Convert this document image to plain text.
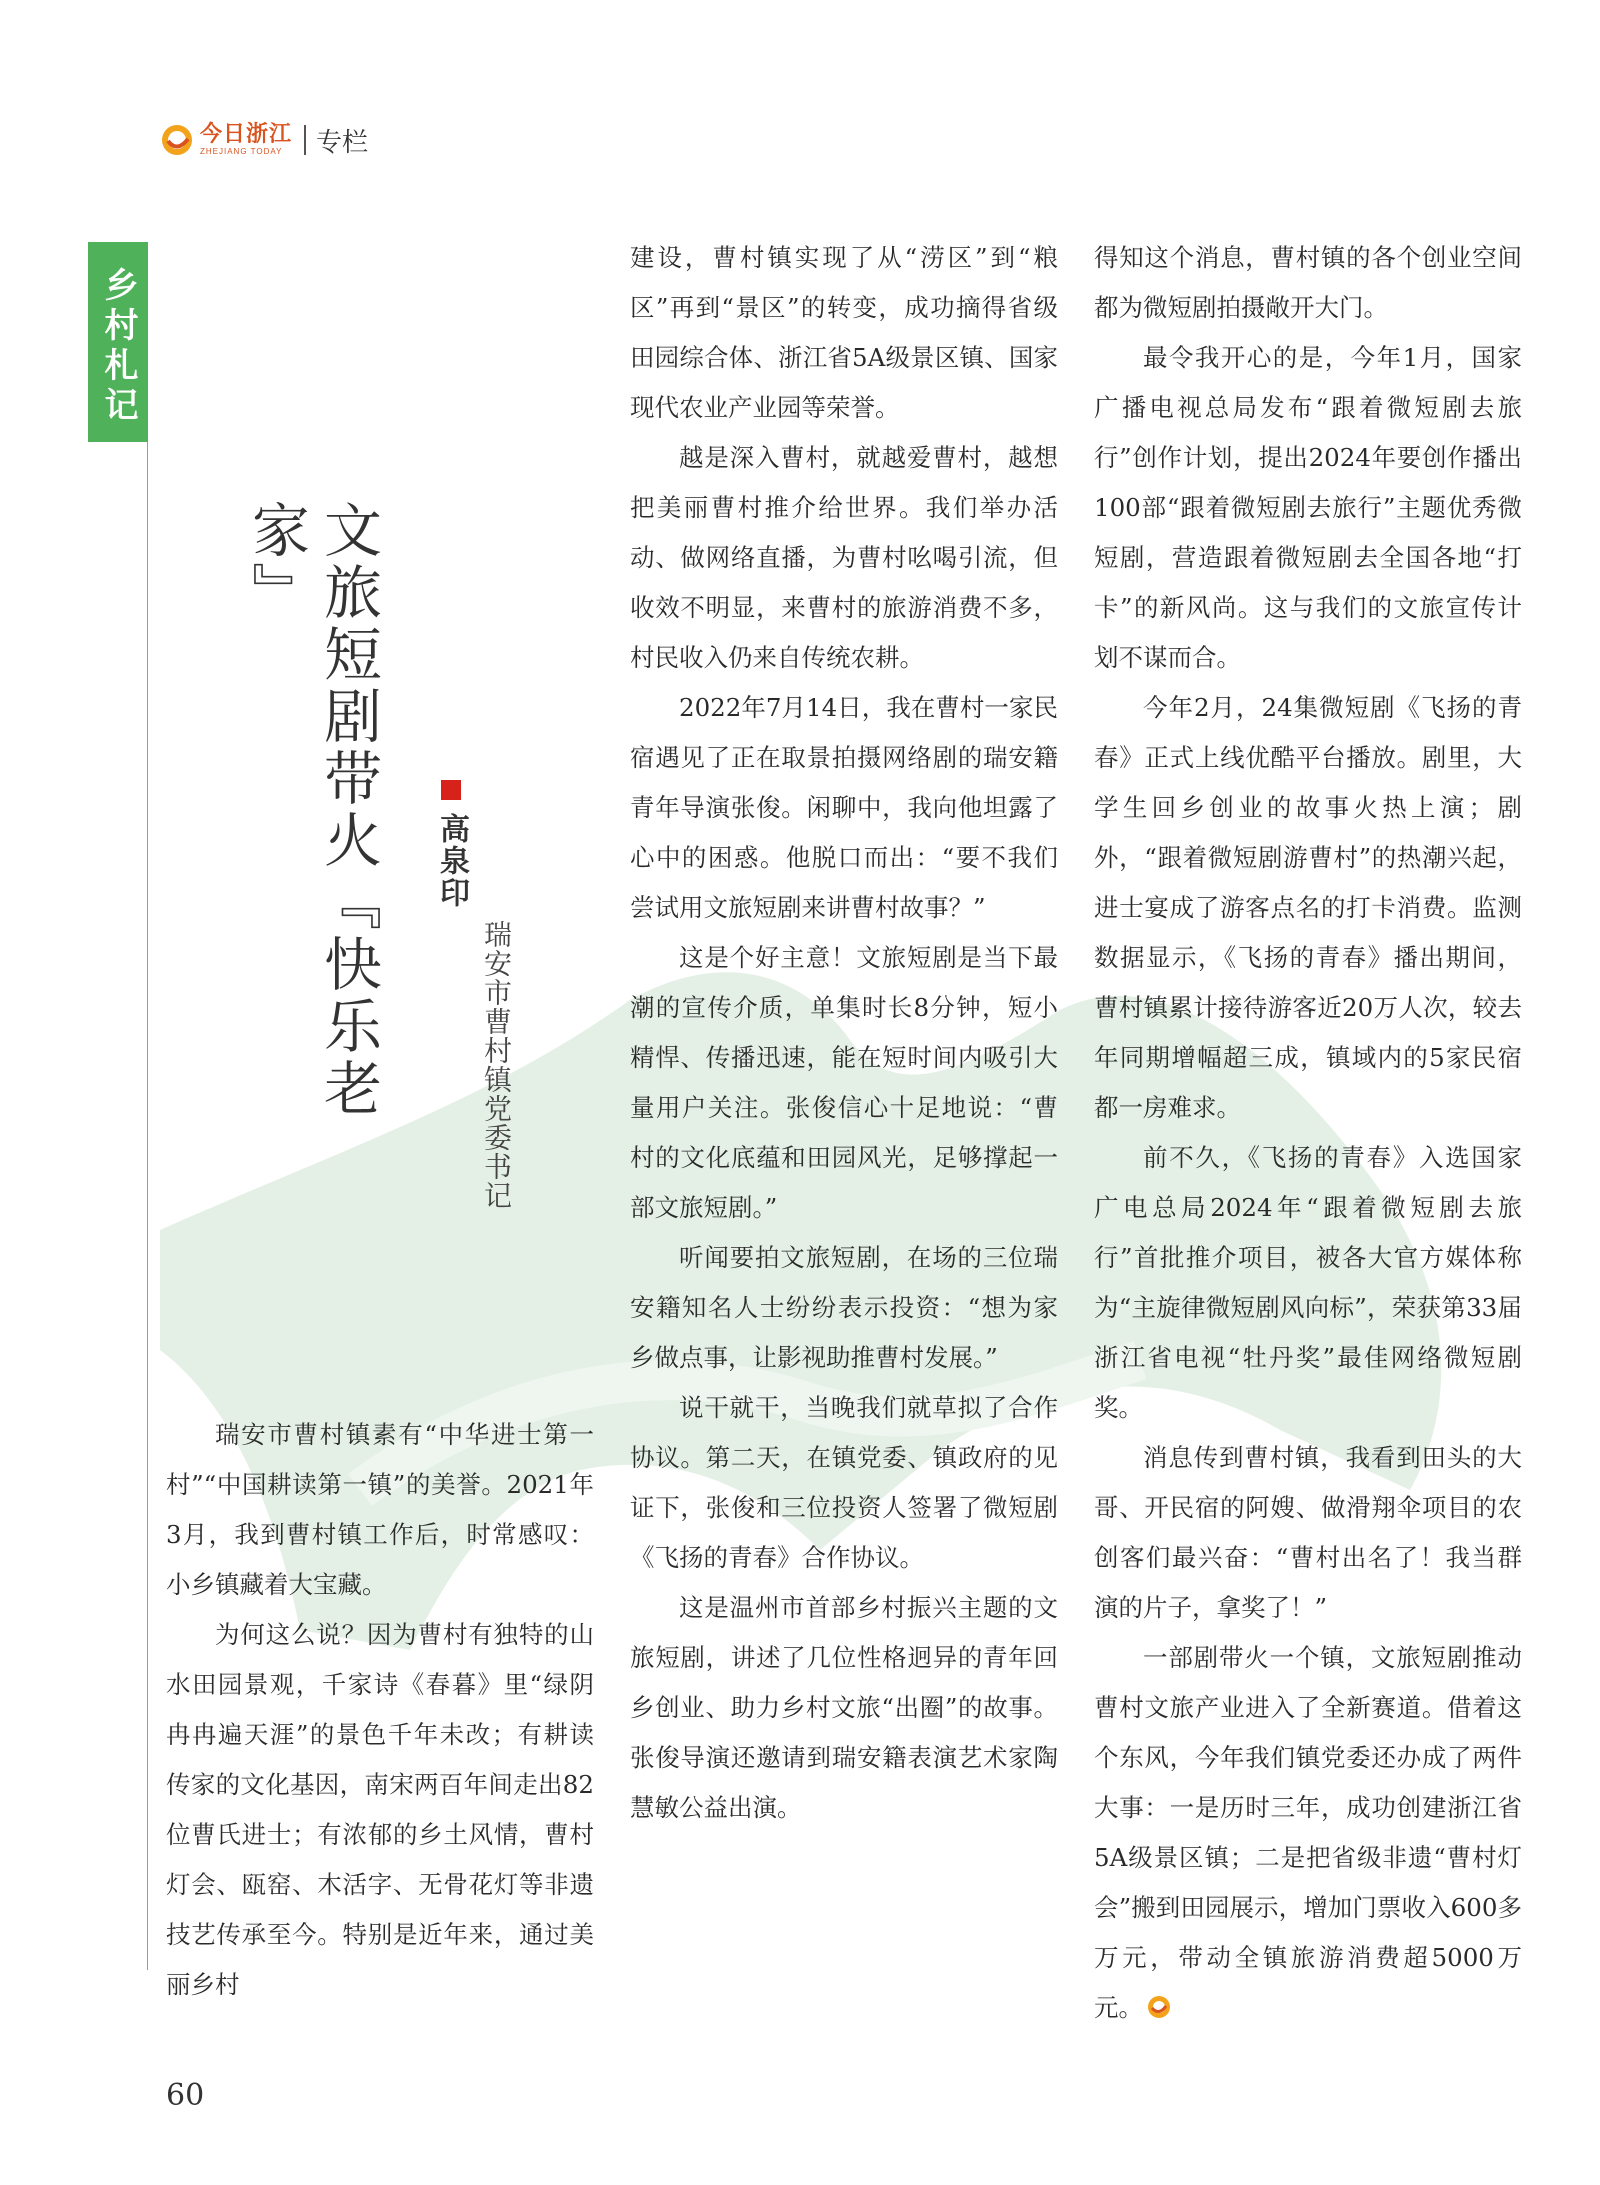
今日浙江
ZHEJIANG TODAY	专栏
乡村札记
文旅短剧带火『快乐老家』
高泉印
瑞安市曹村镇党委书记

瑞安市曹村镇素有“中华进士第一村”“中国耕读第一镇”的美誉。2021年3月，我到曹村镇工作后，时常感叹：小乡镇藏着大宝藏。

为何这么说？因为曹村有独特的山水田园景观，千家诗《春暮》里“绿阴冉冉遍天涯”的景色千年未改；有耕读传家的文化基因，南宋两百年间走出82位曹氏进士；有浓郁的乡土风情，曹村灯会、瓯窑、木活字、无骨花灯等非遗技艺传承至今。特别是近年来，通过美丽乡村

建设，曹村镇实现了从“涝区”到“粮区”再到“景区”的转变，成功摘得省级田园综合体、浙江省5A级景区镇、国家现代农业产业园等荣誉。

越是深入曹村，就越爱曹村，越想把美丽曹村推介给世界。我们举办活动、做网络直播，为曹村吆喝引流，但收效不明显，来曹村的旅游消费不多，村民收入仍来自传统农耕。

2022年7月14日，我在曹村一家民宿遇见了正在取景拍摄网络剧的瑞安籍青年导演张俊。闲聊中，我向他坦露了心中的困惑。他脱口而出：“要不我们尝试用文旅短剧来讲曹村故事？”

这是个好主意！文旅短剧是当下最潮的宣传介质，单集时长8分钟，短小精悍、传播迅速，能在短时间内吸引大量用户关注。张俊信心十足地说：“曹村的文化底蕴和田园风光，足够撑起一部文旅短剧。”

听闻要拍文旅短剧，在场的三位瑞安籍知名人士纷纷表示投资：“想为家乡做点事，让影视助推曹村发展。”

说干就干，当晚我们就草拟了合作协议。第二天，在镇党委、镇政府的见证下，张俊和三位投资人签署了微短剧《飞扬的青春》合作协议。

这是温州市首部乡村振兴主题的文旅短剧，讲述了几位性格迥异的青年回乡创业、助力乡村文旅“出圈”的故事。张俊导演还邀请到瑞安籍表演艺术家陶慧敏公益出演。

得知这个消息，曹村镇的各个创业空间都为微短剧拍摄敞开大门。

最令我开心的是，今年1月，国家广播电视总局发布“跟着微短剧去旅行”创作计划，提出2024年要创作播出100部“跟着微短剧去旅行”主题优秀微短剧，营造跟着微短剧去全国各地“打卡”的新风尚。这与我们的文旅宣传计划不谋而合。

今年2月，24集微短剧《飞扬的青春》正式上线优酷平台播放。剧里，大学生回乡创业的故事火热上演；剧外，“跟着微短剧游曹村”的热潮兴起，进士宴成了游客点名的打卡消费。监测数据显示，《飞扬的青春》播出期间，曹村镇累计接待游客近20万人次，较去年同期增幅超三成，镇域内的5家民宿都一房难求。

前不久，《飞扬的青春》入选国家广电总局2024年“跟着微短剧去旅行”首批推介项目，被各大官方媒体称为“主旋律微短剧风向标”，荣获第33届浙江省电视“牡丹奖”最佳网络微短剧奖。

消息传到曹村镇，我看到田头的大哥、开民宿的阿嫂、做滑翔伞项目的农创客们最兴奋：“曹村出名了！我当群演的片子，拿奖了！”

一部剧带火一个镇，文旅短剧推动曹村文旅产业进入了全新赛道。借着这个东风，今年我们镇党委还办成了两件大事：一是历时三年，成功创建浙江省5A级景区镇；二是把省级非遗“曹村灯会”搬到田园展示，增加门票收入600多万元，带动全镇旅游消费超5000万元。

60
